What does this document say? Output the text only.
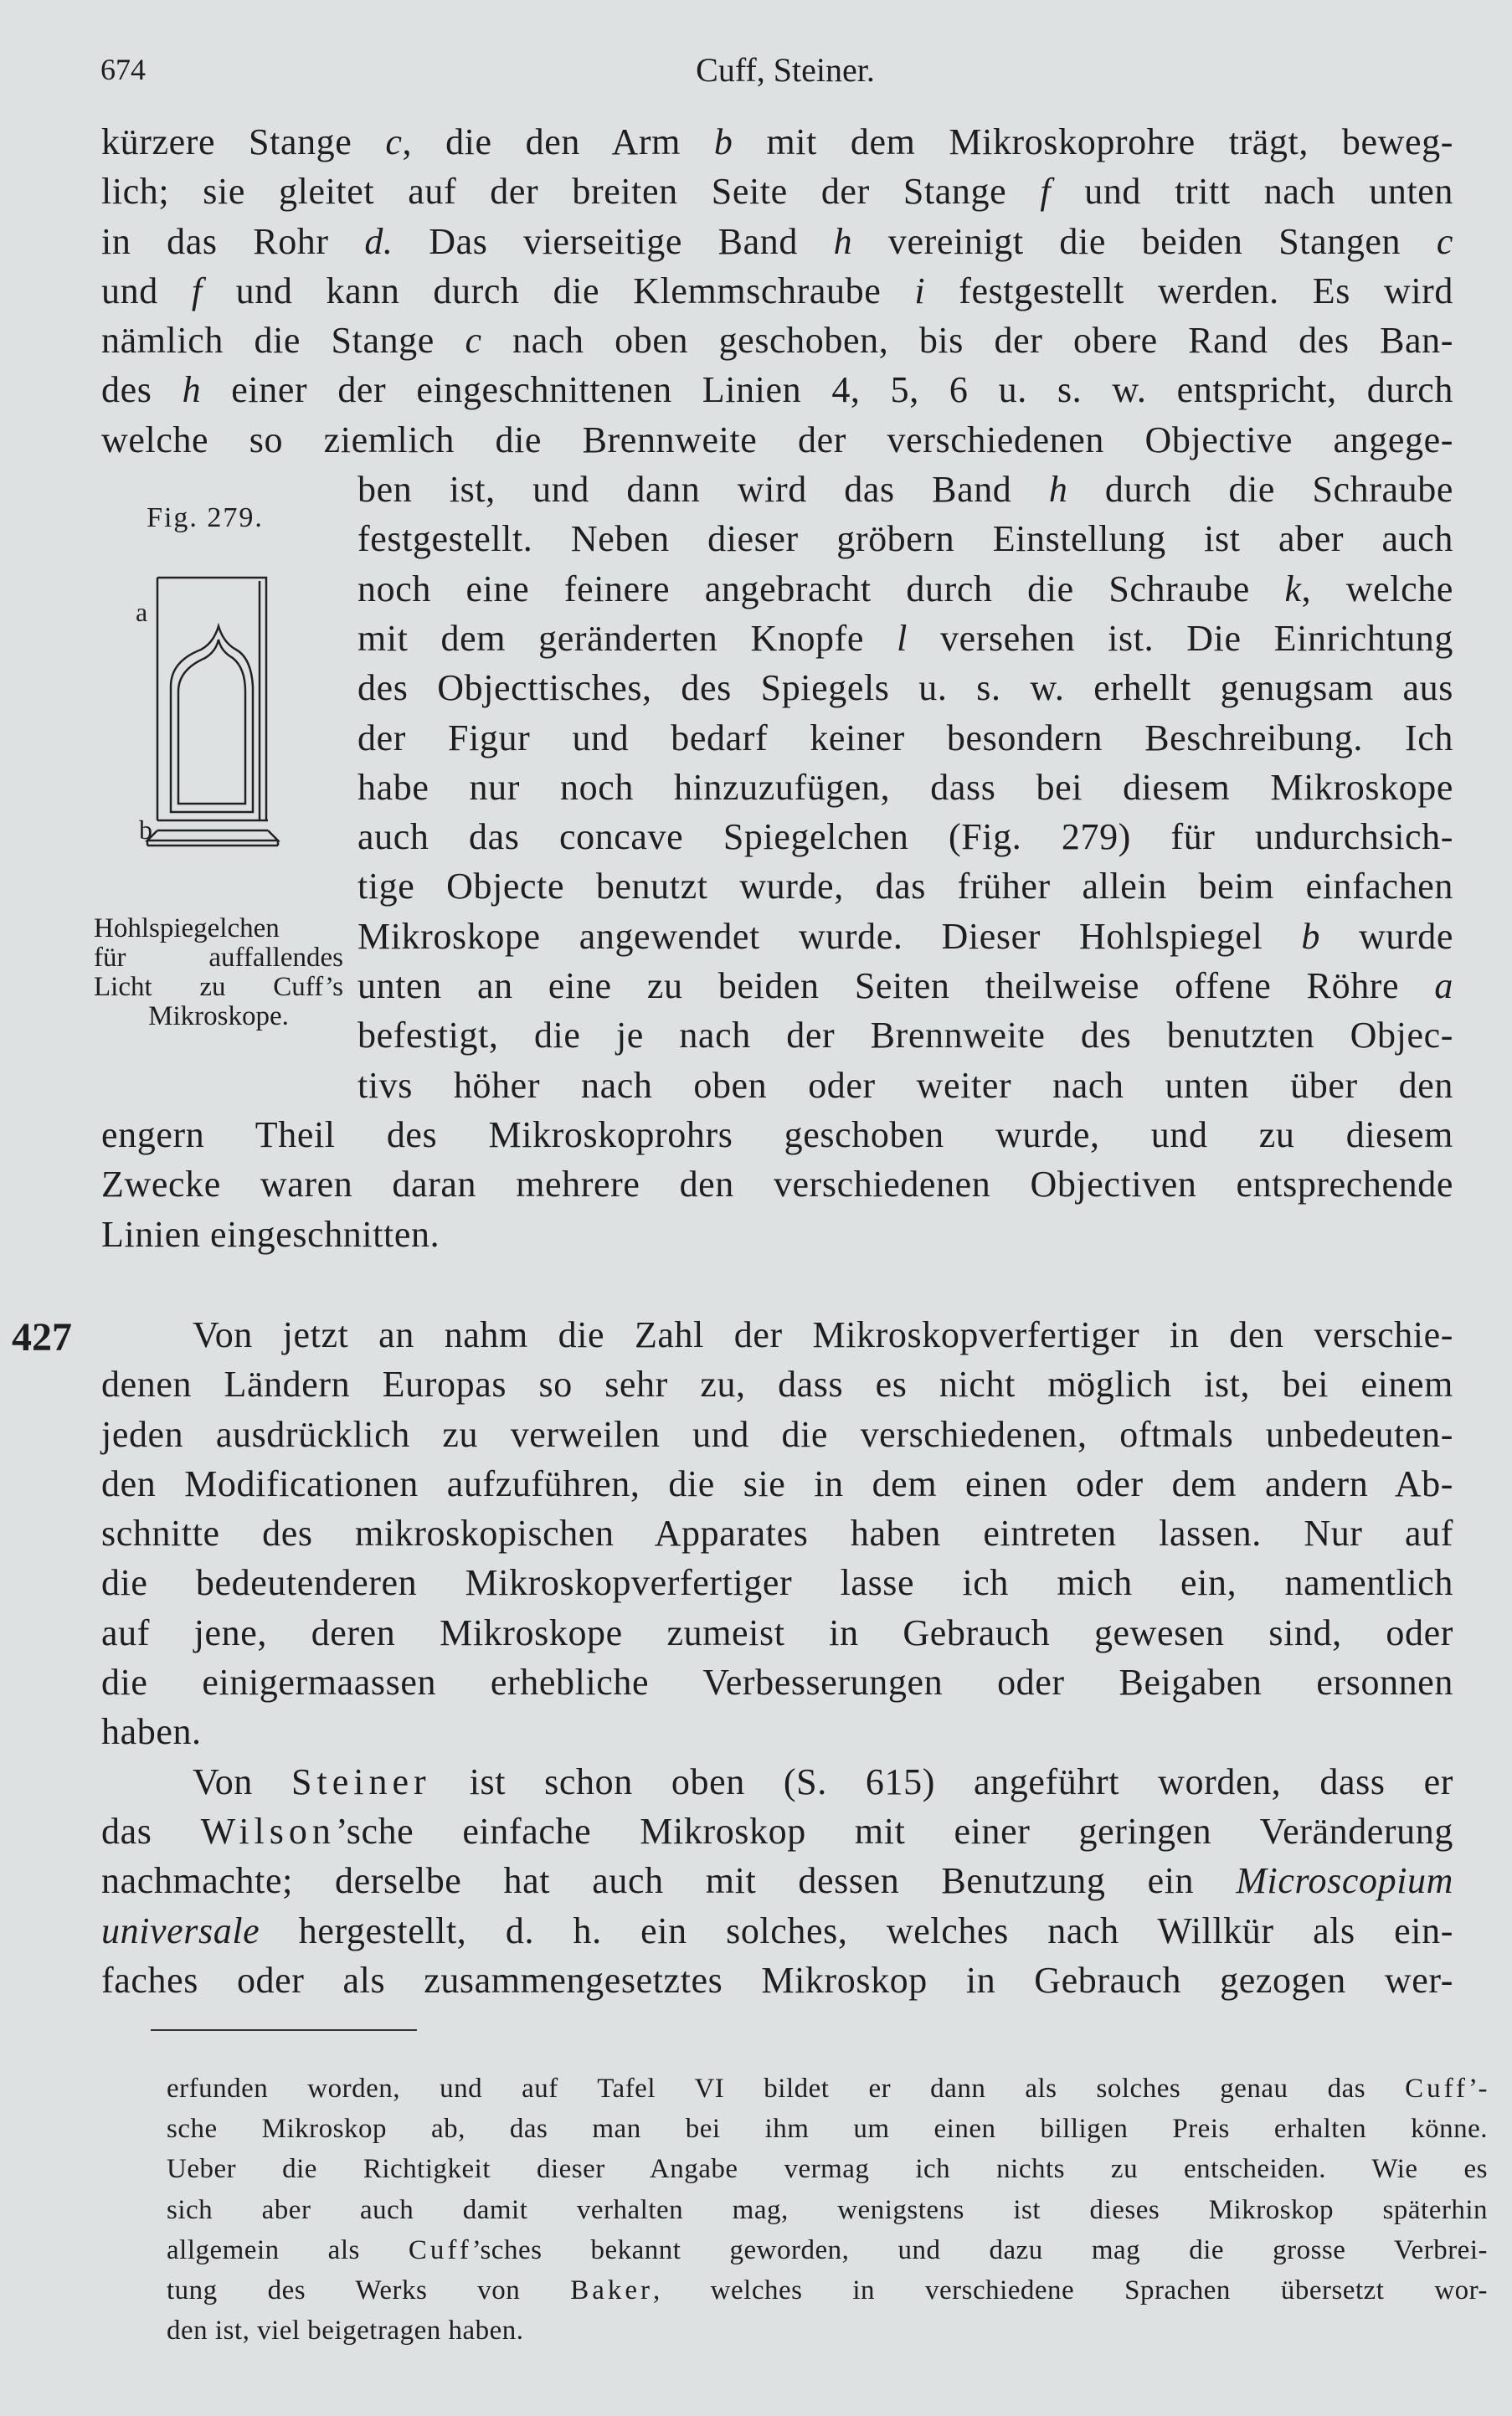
674	Cuff, Steiner.
kürzere Stange c, die den Arm b mit dem Mikroskoprohre trägt, beweg-
lich; sie gleitet auf der breiten Seite der Stange f und tritt nach unten
in das Rohr d. Das vierseitige Band h vereinigt die beiden Stangen c
und f und kann durch die Klemmschraube i festgestellt werden. Es wird
nämlich die Stange c nach oben geschoben, bis der obere Rand des Ban-
des h einer der eingeschnittenen Linien 4, 5, 6 u. s. w. entspricht, durch
welche so ziemlich die Brennweite der verschiedenen Objective angege-
ben ist, und dann wird das Band h durch die Schraube
festgestellt. Neben dieser gröbern Einstellung ist aber auch
noch eine feinere angebracht durch die Schraube k, welche
mit dem geränderten Knopfe l versehen ist. Die Einrichtung
des Objecttisches, des Spiegels u. s. w. erhellt genugsam aus
der Figur und bedarf keiner besondern Beschreibung. Ich
habe nur noch hinzuzufügen, dass bei diesem Mikroskope
auch das concave Spiegelchen (Fig. 279) für undurchsich-
tige Objecte benutzt wurde, das früher allein beim einfachen
Mikroskope angewendet wurde. Dieser Hohlspiegel b wurde
unten an eine zu beiden Seiten theilweise offene Röhre a
befestigt, die je nach der Brennweite des benutzten Objec-
tivs höher nach oben oder weiter nach unten über den
engern Theil des Mikroskoprohrs geschoben wurde, und zu diesem
Zwecke waren daran mehrere den verschiedenen Objectiven entsprechende
Linien eingeschnitten.
Fig. 279.
a
b
Hohlspiegelchen
für auffallendes
Licht zu Cuff’s
Mikroskope.
427	Von jetzt an nahm die Zahl der Mikroskopverfertiger in den verschie-
denen Ländern Europas so sehr zu, dass es nicht möglich ist, bei einem
jeden ausdrücklich zu verweilen und die verschiedenen, oftmals unbedeuten-
den Modificationen aufzuführen, die sie in dem einen oder dem andern Ab-
schnitte des mikroskopischen Apparates haben eintreten lassen. Nur auf
die bedeutenderen Mikroskopverfertiger lasse ich mich ein, namentlich
auf jene, deren Mikroskope zumeist in Gebrauch gewesen sind, oder
die einigermaassen erhebliche Verbesserungen oder Beigaben ersonnen
haben.
Von Steiner ist schon oben (S. 615) angeführt worden, dass er
das Wilson’sche einfache Mikroskop mit einer geringen Veränderung
nachmachte; derselbe hat auch mit dessen Benutzung ein Microscopium
universale hergestellt, d. h. ein solches, welches nach Willkür als ein-
faches oder als zusammengesetztes Mikroskop in Gebrauch gezogen wer-
erfunden worden, und auf Tafel VI bildet er dann als solches genau das Cuff’-
sche Mikroskop ab, das man bei ihm um einen billigen Preis erhalten könne.
Ueber die Richtigkeit dieser Angabe vermag ich nichts zu entscheiden. Wie es
sich aber auch damit verhalten mag, wenigstens ist dieses Mikroskop späterhin
allgemein als Cuff’sches bekannt geworden, und dazu mag die grosse Verbrei-
tung des Werks von Baker, welches in verschiedene Sprachen übersetzt wor-
den ist, viel beigetragen haben.
